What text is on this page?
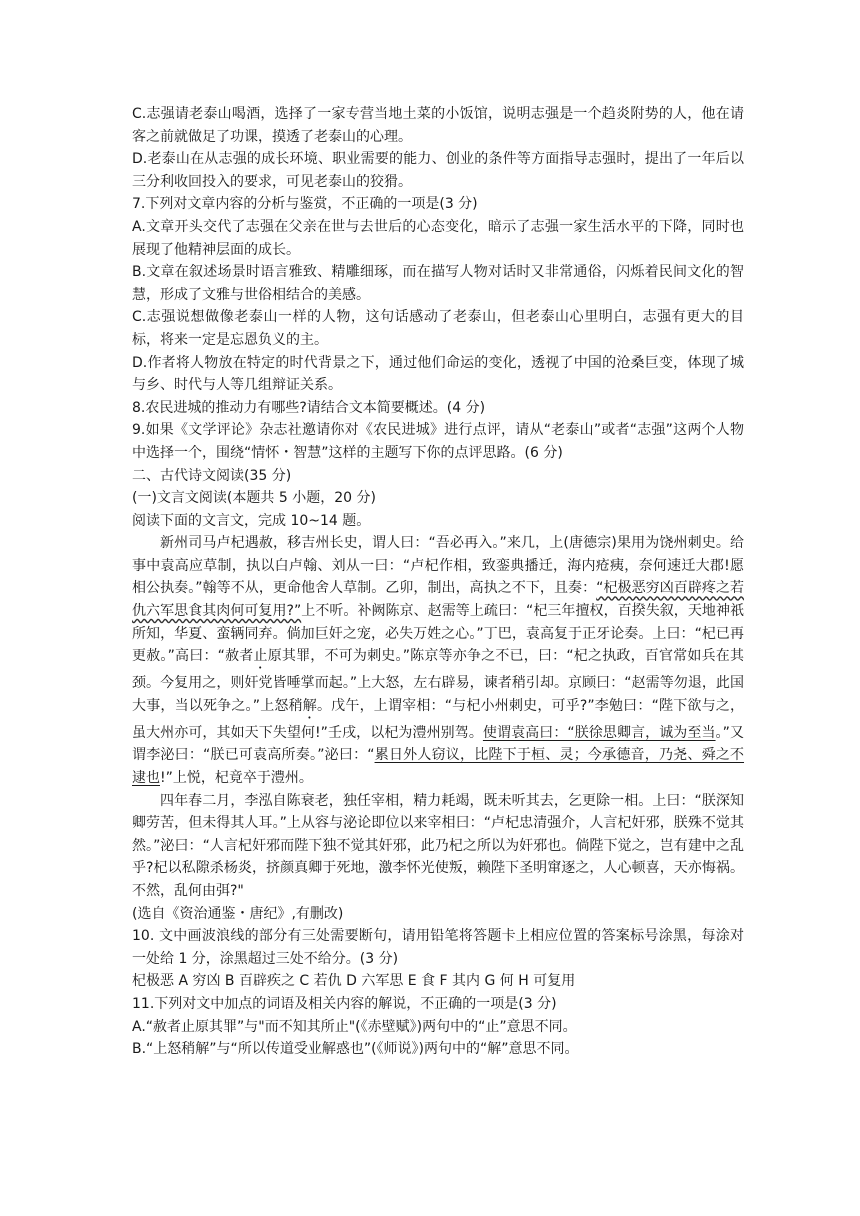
C.志强请老泰山喝酒，选择了一家专营当地土菜的小饭馆，说明志强是一个趋炎附势的人，他在请客之前就做足了功课，摸透了老泰山的心理。

D.老泰山在从志强的成长环境、职业需要的能力、创业的条件等方面指导志强时，提出了一年后以三分利收回投入的要求，可见老泰山的狡猾。

7.下列对文章内容的分析与鉴赏，不正确的一项是(3 分)

A.文章开头交代了志强在父亲在世与去世后的心态变化，暗示了志强一家生活水平的下降，同时也展现了他精神层面的成长。

B.文章在叙述场景时语言雅致、精雕细琢，而在描写人物对话时又非常通俗，闪烁着民间文化的智慧，形成了文雅与世俗相结合的美感。

C.志强说想做像老泰山一样的人物，这句话感动了老泰山，但老泰山心里明白，志强有更大的目标，将来一定是忘恩负义的主。

D.作者将人物放在特定的时代背景之下，通过他们命运的变化，透视了中国的沧桑巨变，体现了城与乡、时代与人等几组辩证关系。

8.农民进城的推动力有哪些?请结合文本简要概述。(4 分)

9.如果《文学评论》杂志社邀请你对《农民进城》进行点评，请从“老泰山”或者“志强”这两个人物中选择一个，围绕“情怀・智慧”这样的主题写下你的点评思路。(6 分)

二、古代诗文阅读(35 分)

(一)文言文阅读(本题共 5 小题，20 分)

阅读下面的文言文，完成 10~14 题。

新州司马卢杞遇赦，移吉州长史，谓人曰：“吾必再入。”来几，上(唐德宗)果用为饶州刺史。给事中袁高应草制，执以白卢翰、刘从一曰：“卢杞作相，致銮典播迁，海内疮痍，奈何速迁大郡!愿相公执奏。”翰等不从，更命他舍人草制。乙卯，制出，高执之不下，且奏：“杞极恶穷凶百辟疼之若仇六军思食其肉何可复用?”上不听。补阙陈京、赵需等上疏曰：“杞三年擅权，百揆失叙，天地神祇所知，华夏、蛮辆同弃。倘加巨奸之宠，必失万姓之心。”丁巴，袁高复于正牙论奏。上曰：“杞已再更赦。”高曰：“赦者止原其罪，不可为刺史。”陈京等亦争之不已，曰：“杞之执政，百官常如兵在其颈。今复用之，则奸党皆唾掌而起。”上大怒，左右辟易，谏者稍引却。京顾曰：“赵需等勿退，此国大事，当以死争之。”上怒稍解。戊午，上谓宰相：“与杞小州刺史，可乎?”李勉曰：“陛下欲与之，虽大州亦可，其如天下失望何!”壬戌，以杞为澧州别驾。使谓袁高曰：“朕徐思卿言，诚为至当。”又谓李泌曰：“朕已可袁高所奏。”泌曰：“累日外人窃议，比陛下于桓、灵；今承德音，乃尧、舜之不逮也!”上悦，杞竟卒于澧州。

四年春二月，李泓自陈衰老，独任宰相，精力耗竭，既未听其去，乞更除一相。上曰：“朕深知卿劳苦，但未得其人耳。”上从容与泌论即位以来宰相曰：“卢杞忠清强介，人言杞奸邪，朕殊不觉其然。”泌曰：“人言杞奸邪而陛下独不觉其奸邪，此乃杞之所以为奸邪也。倘陛下觉之，岂有建中之乱乎?杞以私隙杀杨炎，挤颜真卿于死地，激李怀光使叛，赖陛下圣明窜逐之，人心顿喜，天亦悔祸。不然，乱何由弭?"

(选自《资治通鉴・唐纪》,有删改)

10. 文中画波浪线的部分有三处需要断句，请用铅笔将答题卡上相应位置的答案标号涂黑，每涂对一处给 1 分，涂黑超过三处不给分。(3 分)

杞极恶 A 穷凶 B 百辟疾之 C 若仇 D 六军思 E 食 F 其内 G 何 H 可复用

11.下列对文中加点的词语及相关内容的解说，不正确的一项是(3 分)

A.“赦者止原其罪”与"而不知其所止"(《赤壁赋》)两句中的“止”意思不同。

B.“上怒稍解”与“所以传道受业解惑也”(《师说》)两句中的“解”意思不同。
